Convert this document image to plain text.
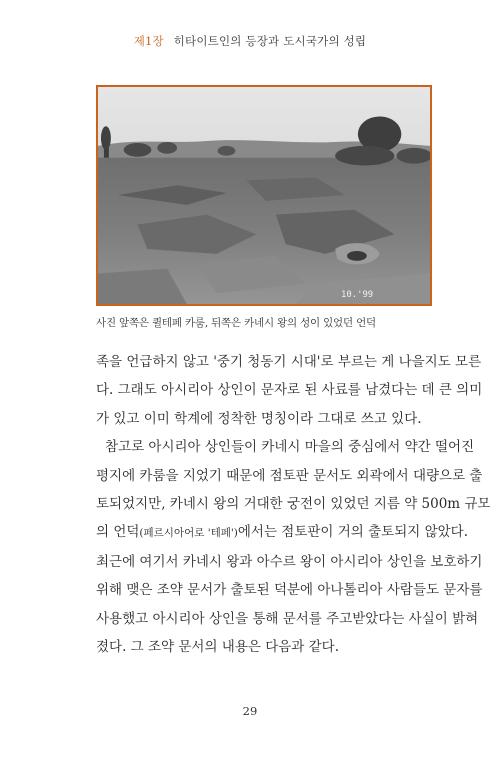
제1장 히타이트인의 등장과 도시국가의 성립
10.'99
사진 앞쪽은 퀼테페 카룸, 뒤쪽은 카네시 왕의 성이 있었던 언덕

족을 언급하지 않고 '중기 청동기 시대'로 부르는 게 나을지도 모른

다. 그래도 아시리아 상인이 문자로 된 사료를 남겼다는 데 큰 의미

가 있고 이미 학계에 정착한 명칭이라 그대로 쓰고 있다.

참고로 아시리아 상인들이 카네시 마을의 중심에서 약간 떨어진

평지에 카룸을 지었기 때문에 점토판 문서도 외곽에서 대량으로 출

토되었지만, 카네시 왕의 거대한 궁전이 있었던 지름 약 500m 규모

의 언덕(페르시아어로 '테페')에서는 점토판이 거의 출토되지 않았다.

최근에 여기서 카네시 왕과 아수르 왕이 아시리아 상인을 보호하기

위해 맺은 조약 문서가 출토된 덕분에 아나톨리아 사람들도 문자를

사용했고 아시리아 상인을 통해 문서를 주고받았다는 사실이 밝혀

졌다. 그 조약 문서의 내용은 다음과 같다.

29
